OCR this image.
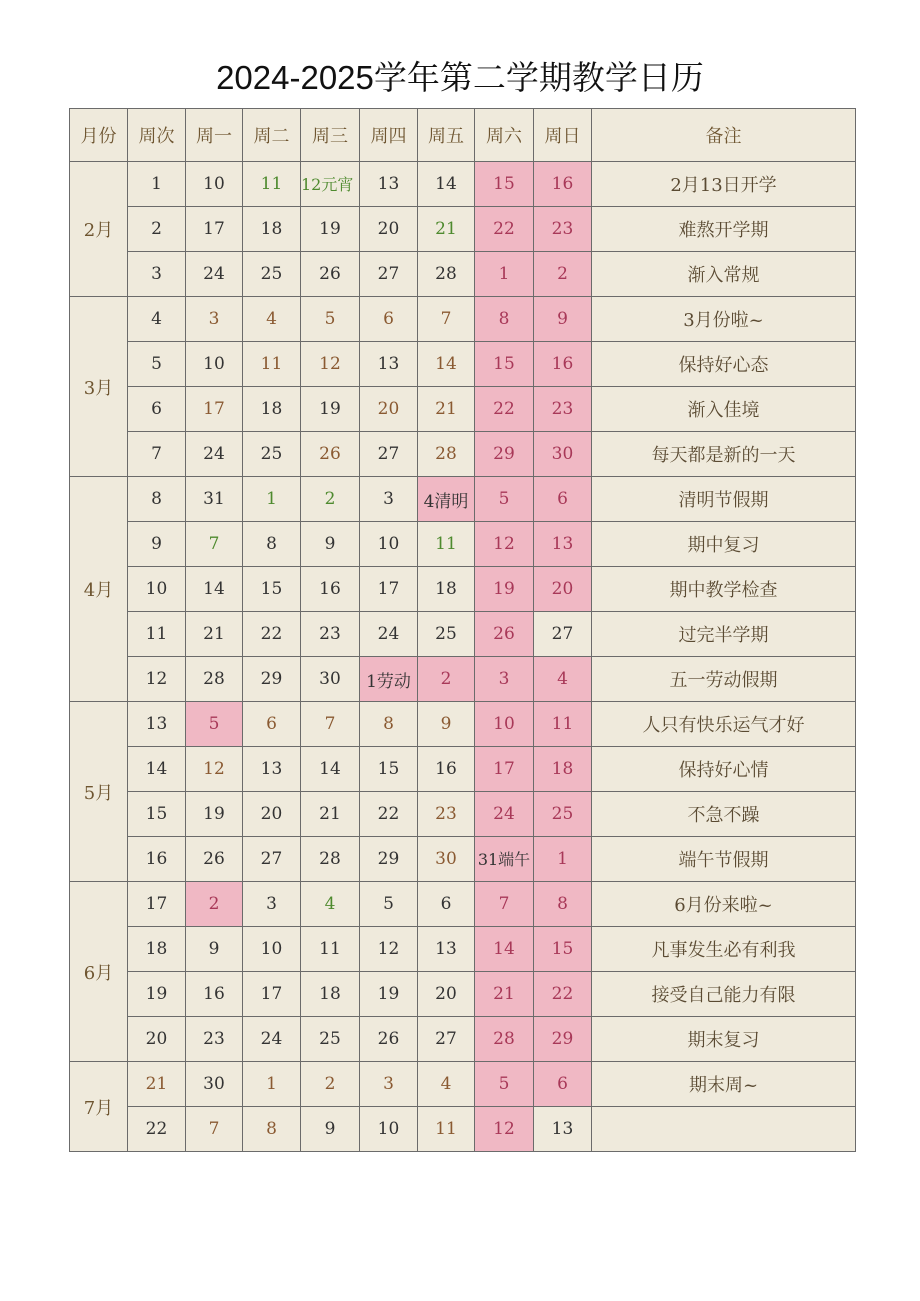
2024-2025学年第二学期教学日历
月份	周次	周一	周二	周三	周四	周五	周六	周日	备注
2月	1	10	11	12元宵	13	14	15	16	2月13日开学
	2	17	18	19	20	21	22	23	难熬开学期
	3	24	25	26	27	28	1	2	渐入常规
3月	4	3	4	5	6	7	8	9	3月份啦~
	5	10	11	12	13	14	15	16	保持好心态
	6	17	18	19	20	21	22	23	渐入佳境
	7	24	25	26	27	28	29	30	每天都是新的一天
4月	8	31	1	2	3	4清明	5	6	清明节假期
	9	7	8	9	10	11	12	13	期中复习
	10	14	15	16	17	18	19	20	期中教学检查
	11	21	22	23	24	25	26	27	过完半学期
	12	28	29	30	1劳动	2	3	4	五一劳动假期
5月	13	5	6	7	8	9	10	11	人只有快乐运气才好
	14	12	13	14	15	16	17	18	保持好心情
	15	19	20	21	22	23	24	25	不急不躁
	16	26	27	28	29	30	31端午	1	端午节假期
6月	17	2	3	4	5	6	7	8	6月份来啦~
	18	9	10	11	12	13	14	15	凡事发生必有利我
	19	16	17	18	19	20	21	22	接受自己能力有限
	20	23	24	25	26	27	28	29	期末复习
7月	21	30	1	2	3	4	5	6	期末周~
	22	7	8	9	10	11	12	13	
